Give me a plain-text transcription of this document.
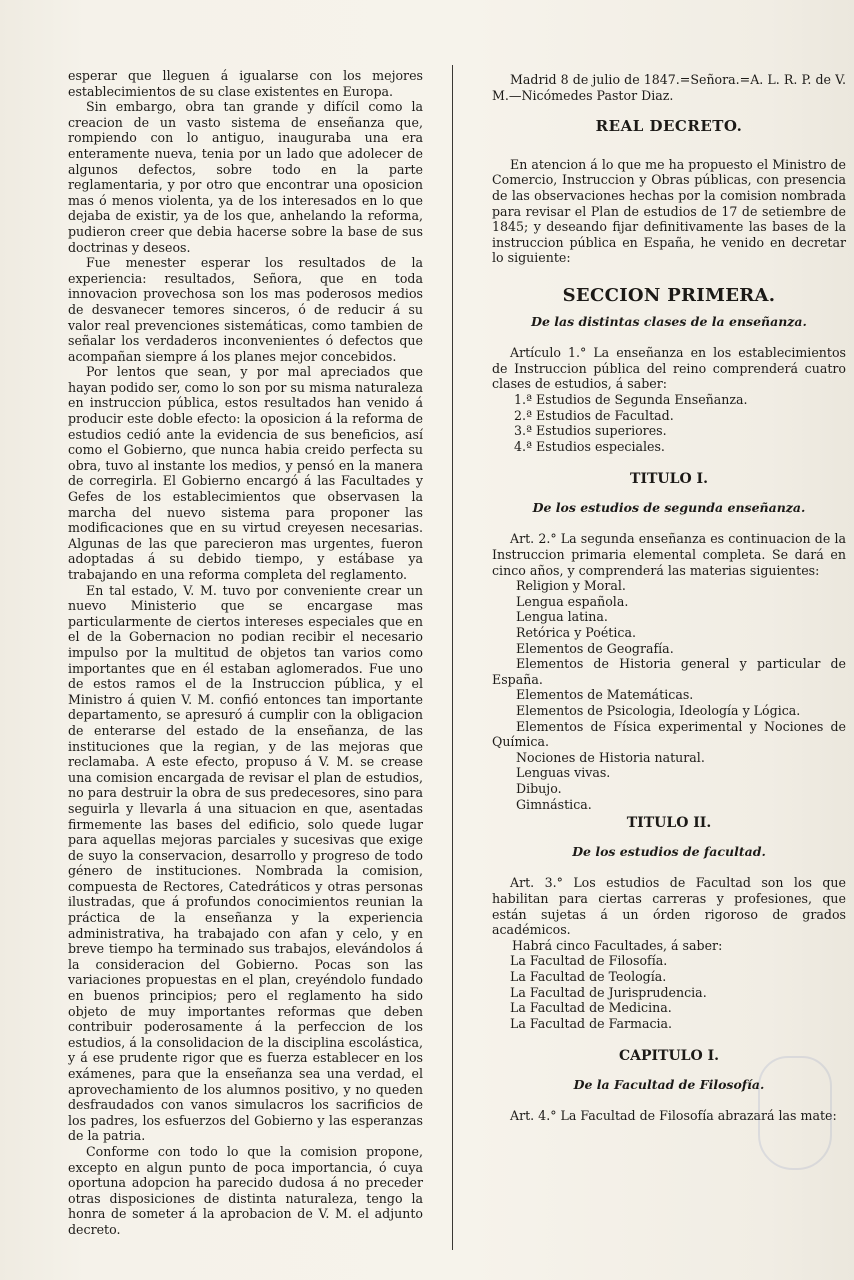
esperar que lleguen á igualarse con los mejores establecimientos de su clase existentes en Europa.

Sin embargo, obra tan grande y difícil como la creacion de un vasto sistema de enseñanza que, rompiendo con lo antiguo, inauguraba una era enteramente nueva, tenia por un lado que adolecer de algunos defectos, sobre todo en la parte reglamentaria, y por otro que encontrar una oposicion mas ó menos violenta, ya de los interesados en lo que dejaba de existir, ya de los que, anhelando la reforma, pudieron creer que debia hacerse sobre la base de sus doctrinas y deseos.

Fue menester esperar los resultados de la experiencia: resultados, Señora, que en toda innovacion provechosa son los mas poderosos medios de desvanecer temores sinceros, ó de reducir á su valor real prevenciones sistemáticas, como tambien de señalar los verdaderos inconvenientes ó defectos que acompañan siempre á los planes mejor concebidos.

Por lentos que sean, y por mal apreciados que hayan podido ser, como lo son por su misma naturaleza en instruccion pública, estos resultados han venido á producir este doble efecto: la oposicion á la reforma de estudios cedió ante la evidencia de sus beneficios, así como el Gobierno, que nunca habia creido perfecta su obra, tuvo al instante los medios, y pensó en la manera de corregirla. El Gobierno encargó á las Facultades y Gefes de los establecimientos que observasen la marcha del nuevo sistema para proponer las modificaciones que en su virtud creyesen necesarias. Algunas de las que parecieron mas urgentes, fueron adoptadas á su debido tiempo, y estábase ya trabajando en una reforma completa del reglamento.

En tal estado, V. M. tuvo por conveniente crear un nuevo Ministerio que se encargase mas particularmente de ciertos intereses especiales que en el de la Gobernacion no podian recibir el necesario impulso por la multitud de objetos tan varios como importantes que en él estaban aglomerados. Fue uno de estos ramos el de la Instruccion pública, y el Ministro á quien V. M. confió entonces tan importante departamento, se apresuró á cumplir con la obligacion de enterarse del estado de la enseñanza, de las instituciones que la regian, y de las mejoras que reclamaba. A este efecto, propuso á V. M. se crease una comision encargada de revisar el plan de estudios, no para destruir la obra de sus predecesores, sino para seguirla y llevarla á una situacion en que, asentadas firmemente las bases del edificio, solo quede lugar para aquellas mejoras parciales y sucesivas que exige de suyo la conservacion, desarrollo y progreso de todo género de instituciones. Nombrada la comision, compuesta de Rectores, Catedráticos y otras personas ilustradas, que á profundos conocimientos reunian la práctica de la enseñanza y la experiencia administrativa, ha trabajado con afan y celo, y en breve tiempo ha terminado sus trabajos, elevándolos á la consideracion del Gobierno. Pocas son las variaciones propuestas en el plan, creyéndolo fundado en buenos principios; pero el reglamento ha sido objeto de muy importantes reformas que deben contribuir poderosamente á la perfeccion de los estudios, á la consolidacion de la disciplina escolástica, y á ese prudente rigor que es fuerza establecer en los exámenes, para que la enseñanza sea una verdad, el aprovechamiento de los alumnos positivo, y no queden desfraudados con vanos simulacros los sacrificios de los padres, los esfuerzos del Gobierno y las esperanzas de la patria.

Conforme con todo lo que la comision propone, excepto en algun punto de poca importancia, ó cuya oportuna adopcion ha parecido dudosa á no preceder otras disposiciones de distinta naturaleza, tengo la honra de someter á la aprobacion de V. M. el adjunto decreto.

Madrid 8 de julio de 1847.=Señora.=A. L. R. P. de V. M.—Nicómedes Pastor Diaz.

REAL DECRETO.

En atencion á lo que me ha propuesto el Ministro de Comercio, Instruccion y Obras públicas, con presencia de las observaciones hechas por la comision nombrada para revisar el Plan de estudios de 17 de setiembre de 1845; y deseando fijar definitivamente las bases de la instruccion pública en España, he venido en decretar lo siguiente:

SECCION PRIMERA.

De las distintas clases de la enseñanza.

Artículo 1.° La enseñanza en los establecimientos de Instruccion pública del reino comprenderá cuatro clases de estudios, á saber:

1.ª Estudios de Segunda Enseñanza.

2.ª Estudios de Facultad.

3.ª Estudios superiores.

4.ª Estudios especiales.

TITULO I.

De los estudios de segunda enseñanza.

Art. 2.° La segunda enseñanza es continuacion de la Instruccion primaria elemental completa. Se dará en cinco años, y comprenderá las materias siguientes:

Religion y Moral.

Lengua española.

Lengua latina.

Retórica y Poética.

Elementos de Geografía.

Elementos de Historia general y particular de España.

Elementos de Matemáticas.

Elementos de Psicologia, Ideología y Lógica.

Elementos de Física experimental y Nociones de Química.

Nociones de Historia natural.

Lenguas vivas.

Dibujo.

Gimnástica.

TITULO II.

De los estudios de facultad.

Art. 3.° Los estudios de Facultad son los que habilitan para ciertas carreras y profesiones, que están sujetas á un órden rigoroso de grados académicos.

Habrá cinco Facultades, á saber:

La Facultad de Filosofía.

La Facultad de Teología.

La Facultad de Jurisprudencia.

La Facultad de Medicina.

La Facultad de Farmacia.

CAPITULO I.

De la Facultad de Filosofía.

Art. 4.° La Facultad de Filosofía abrazará las mate:
